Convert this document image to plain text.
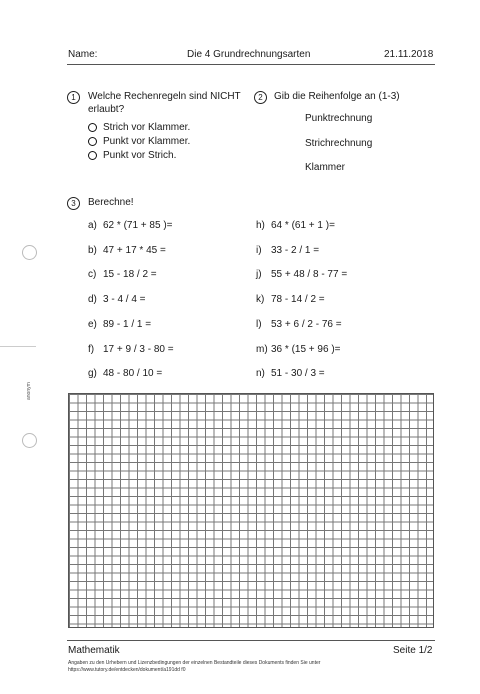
Name:	Die 4 Grundrechnungsarten	21.11.2018
1	Welche Rechenregeln sind NICHT
erlaubt?
Strich vor Klammer.
Punkt vor Klammer.
Punkt vor Strich.
2	Gib die Reihenfolge an (1-3)
Punktrechnung
Strichrechnung
Klammer
3	Berechne!
a) 62 * (71 + 85 )=
b) 47 + 17 * 45 =
c) 15 - 18 / 2 =
d) 3 - 4 / 4 =
e) 89 - 1 / 1 =
f) 17 + 9 / 3 - 80 =
g) 48 - 80 / 10 =
h) 64 * (61 + 1 )=
i) 33 - 2 / 1 =
j) 55 + 48 / 8 - 77 =
k) 78 - 14 / 2 =
l) 53 + 6 / 2 - 76 =
m) 36 * (15 + 96 )=
n) 51 - 30 / 3 =
anonym
Mathematik	Seite 1/2
Angaben zu den Urhebern und Lizenzbedingungen der einzelnen Bestandteile dieses Dokuments finden Sie unter
https://www.tutory.de/entdecken/dokument/a191dd f0
